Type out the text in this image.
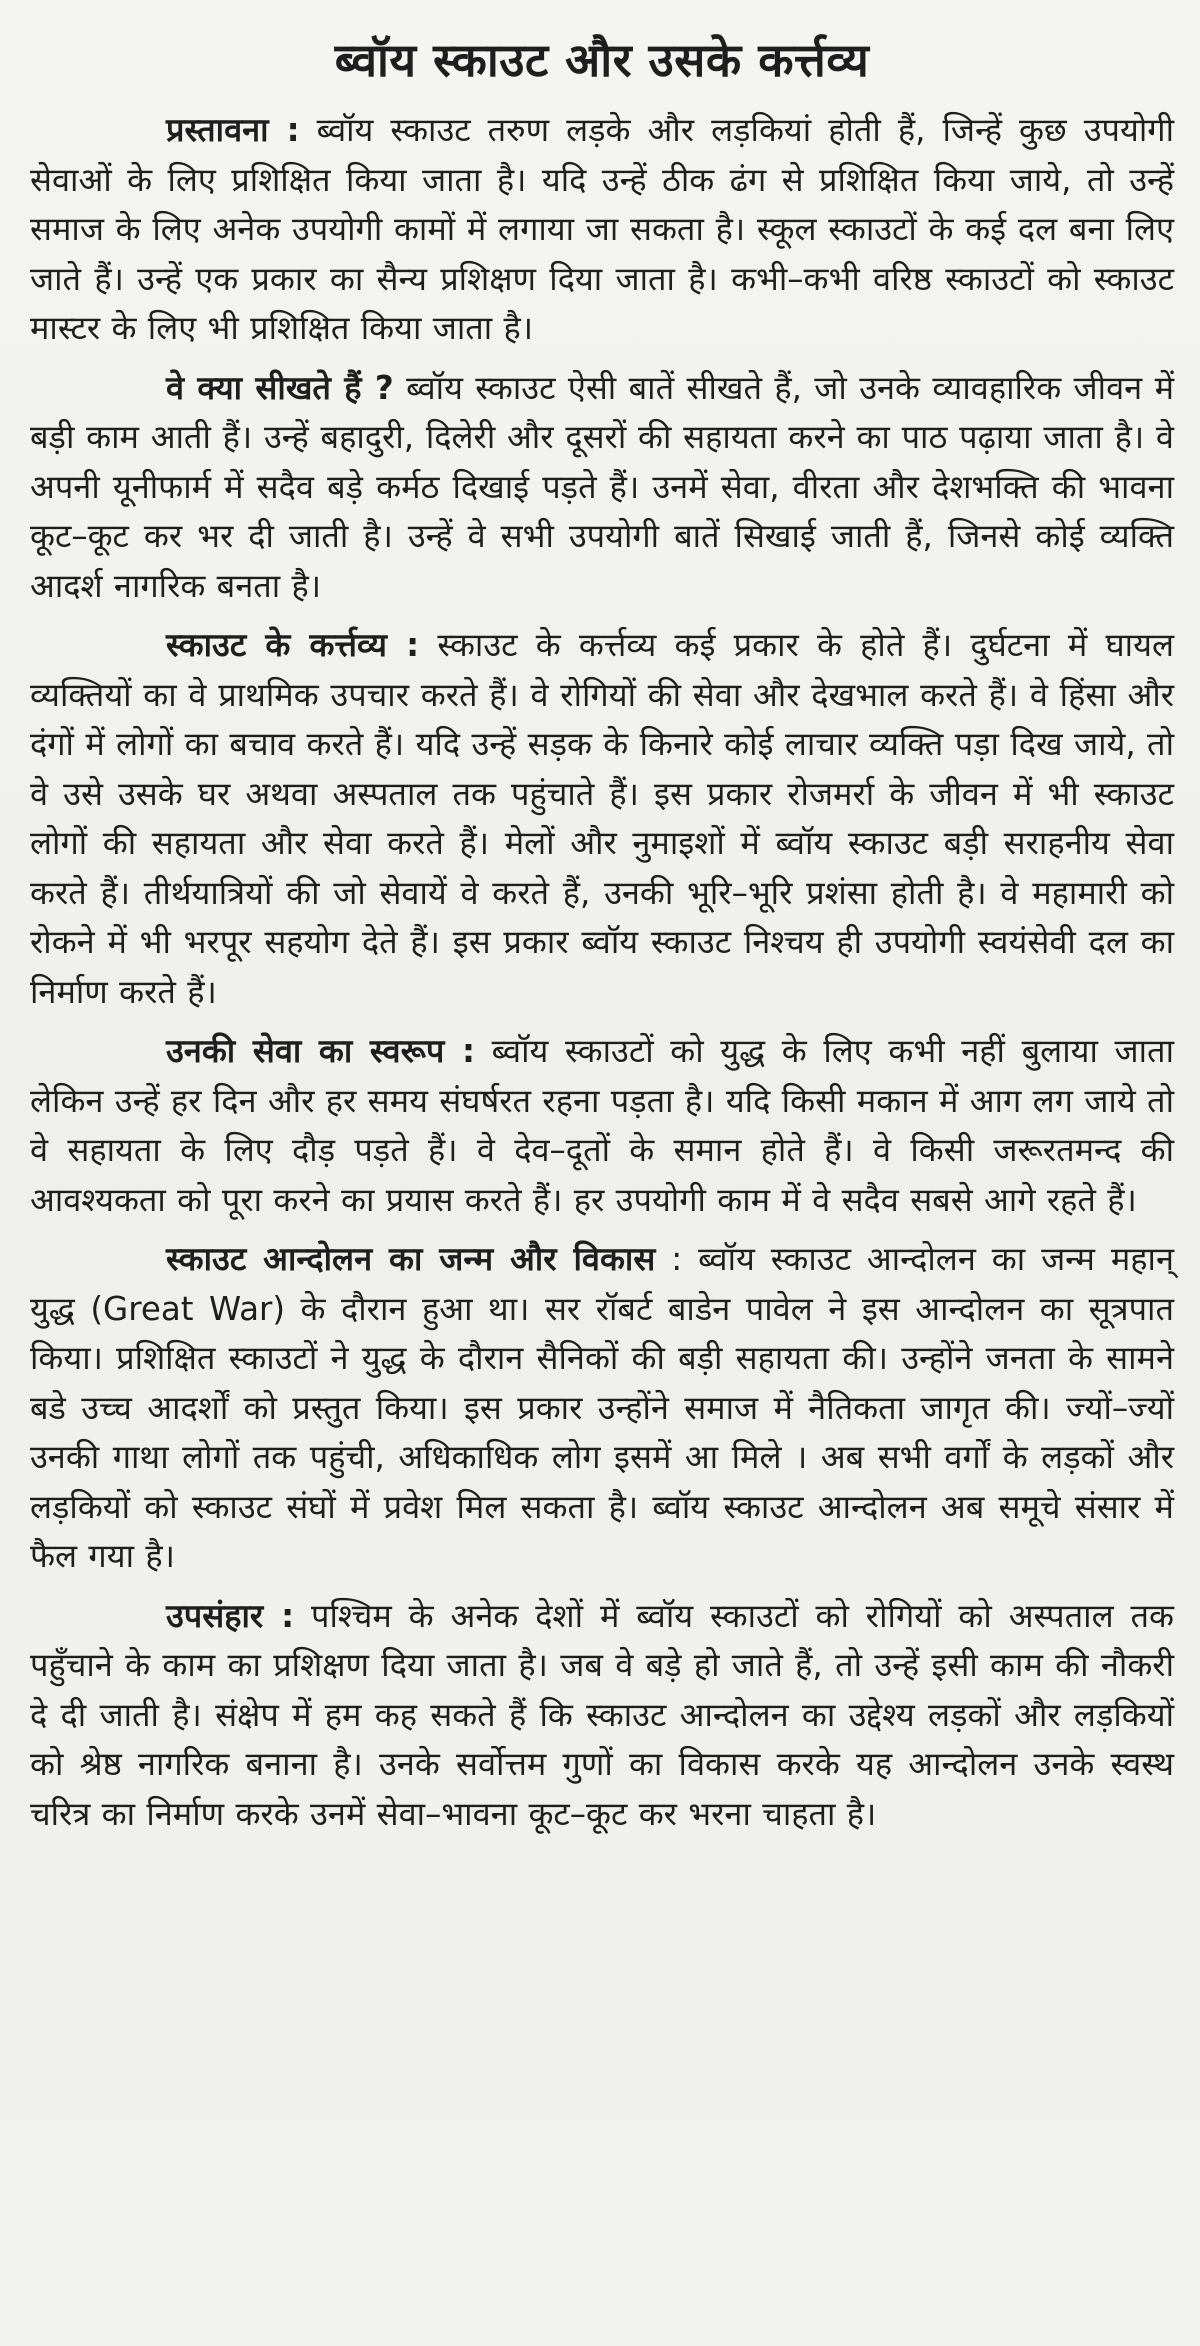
ब्वॉय स्काउट और उसके कर्त्तव्य

प्रस्तावना : ब्वॉय स्काउट तरुण लड़के और लड़कियां होती हैं, जिन्हें कुछ उपयोगी सेवाओं के लिए प्रशिक्षित किया जाता है। यदि उन्हें ठीक ढंग से प्रशिक्षित किया जाये, तो उन्हें समाज के लिए अनेक उपयोगी कामों में लगाया जा सकता है। स्कूल स्काउटों के कई दल बना लिए जाते हैं। उन्हें एक प्रकार का सैन्य प्रशिक्षण दिया जाता है। कभी–कभी वरिष्ठ स्काउटों को स्काउट मास्टर के लिए भी प्रशिक्षित किया जाता है।

वे क्या सीखते हैं ? ब्वॉय स्काउट ऐसी बातें सीखते हैं, जो उनके व्यावहारिक जीवन में बड़ी काम आती हैं। उन्हें बहादुरी, दिलेरी और दूसरों की सहायता करने का पाठ पढ़ाया जाता है। वे अपनी यूनीफार्म में सदैव बड़े कर्मठ दिखाई पड़ते हैं। उनमें सेवा, वीरता और देशभक्ति की भावना कूट–कूट कर भर दी जाती है। उन्हें वे सभी उपयोगी बातें सिखाई जाती हैं, जिनसे कोई व्यक्ति आदर्श नागरिक बनता है।

स्काउट के कर्त्तव्य : स्काउट के कर्त्तव्य कई प्रकार के होते हैं। दुर्घटना में घायल व्यक्तियों का वे प्राथमिक उपचार करते हैं। वे रोगियों की सेवा और देखभाल करते हैं। वे हिंसा और दंगों में लोगों का बचाव करते हैं। यदि उन्हें सड़क के किनारे कोई लाचार व्यक्ति पड़ा दिख जाये, तो वे उसे उसके घर अथवा अस्पताल तक पहुंचाते हैं। इस प्रकार रोजमर्रा के जीवन में भी स्काउट लोगों की सहायता और सेवा करते हैं। मेलों और नुमाइशों में ब्वॉय स्काउट बड़ी सराहनीय सेवा करते हैं। तीर्थयात्रियों की जो सेवायें वे करते हैं, उनकी भूरि–भूरि प्रशंसा होती है। वे महामारी को रोकने में भी भरपूर सहयोग देते हैं। इस प्रकार ब्वॉय स्काउट निश्चय ही उपयोगी स्वयंसेवी दल का निर्माण करते हैं।

उनकी सेवा का स्वरूप : ब्वॉय स्काउटों को युद्ध के लिए कभी नहीं बुलाया जाता लेकिन उन्हें हर दिन और हर समय संघर्षरत रहना पड़ता है। यदि किसी मकान में आग लग जाये तो वे सहायता के लिए दौड़ पड़ते हैं। वे देव–दूतों के समान होते हैं। वे किसी जरूरतमन्द की आवश्यकता को पूरा करने का प्रयास करते हैं। हर उपयोगी काम में वे सदैव सबसे आगे रहते हैं।

स्काउट आन्दोलन का जन्म और विकास : ब्वॉय स्काउट आन्दोलन का जन्म महान् युद्ध (Great War) के दौरान हुआ था। सर रॉबर्ट बाडेन पावेल ने इस आन्दोलन का सूत्रपात किया। प्रशिक्षित स्काउटों ने युद्ध के दौरान सैनिकों की बड़ी सहायता की। उन्होंने जनता के सामने बडे उच्च आदर्शों को प्रस्तुत किया। इस प्रकार उन्होंने समाज में नैतिकता जागृत की। ज्यों–ज्यों उनकी गाथा लोगों तक पहुंची, अधिकाधिक लोग इसमें आ मिले । अब सभी वर्गों के लड़कों और लड़कियों को स्काउट संघों में प्रवेश मिल सकता है। ब्वॉय स्काउट आन्दोलन अब समूचे संसार में फैल गया है।

उपसंहार : पश्चिम के अनेक देशों में ब्वॉय स्काउटों को रोगियों को अस्पताल तक पहुँचाने के काम का प्रशिक्षण दिया जाता है। जब वे बड़े हो जाते हैं, तो उन्हें इसी काम की नौकरी दे दी जाती है। संक्षेप में हम कह सकते हैं कि स्काउट आन्दोलन का उद्देश्य लड़कों और लड़कियों को श्रेष्ठ नागरिक बनाना है। उनके सर्वोत्तम गुणों का विकास करके यह आन्दोलन उनके स्वस्थ चरित्र का निर्माण करके उनमें सेवा–भावना कूट–कूट कर भरना चाहता है।
